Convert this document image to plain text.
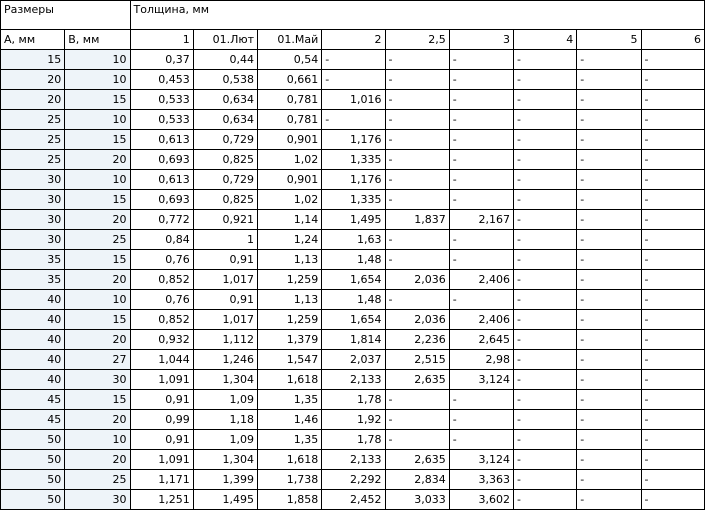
Размеры		Толщина, мм								
А, мм	В, мм	1	01.Лют	01.Май	2	2,5	3	4	5	6
15	10	0,37	0,44	0,54	-	-	-	-	-	-
20	10	0,453	0,538	0,661	-	-	-	-	-	-
20	15	0,533	0,634	0,781	1,016	-	-	-	-	-
25	10	0,533	0,634	0,781	-	-	-	-	-	-
25	15	0,613	0,729	0,901	1,176	-	-	-	-	-
25	20	0,693	0,825	1,02	1,335	-	-	-	-	-
30	10	0,613	0,729	0,901	1,176	-	-	-	-	-
30	15	0,693	0,825	1,02	1,335	-	-	-	-	-
30	20	0,772	0,921	1,14	1,495	1,837	2,167	-	-	-
30	25	0,84	1	1,24	1,63	-	-	-	-	-
35	15	0,76	0,91	1,13	1,48	-	-	-	-	-
35	20	0,852	1,017	1,259	1,654	2,036	2,406	-	-	-
40	10	0,76	0,91	1,13	1,48	-	-	-	-	-
40	15	0,852	1,017	1,259	1,654	2,036	2,406	-	-	-
40	20	0,932	1,112	1,379	1,814	2,236	2,645	-	-	-
40	27	1,044	1,246	1,547	2,037	2,515	2,98	-	-	-
40	30	1,091	1,304	1,618	2,133	2,635	3,124	-	-	-
45	15	0,91	1,09	1,35	1,78	-	-	-	-	-
45	20	0,99	1,18	1,46	1,92	-	-	-	-	-
50	10	0,91	1,09	1,35	1,78	-	-	-	-	-
50	20	1,091	1,304	1,618	2,133	2,635	3,124	-	-	-
50	25	1,171	1,399	1,738	2,292	2,834	3,363	-	-	-
50	30	1,251	1,495	1,858	2,452	3,033	3,602	-	-	-
